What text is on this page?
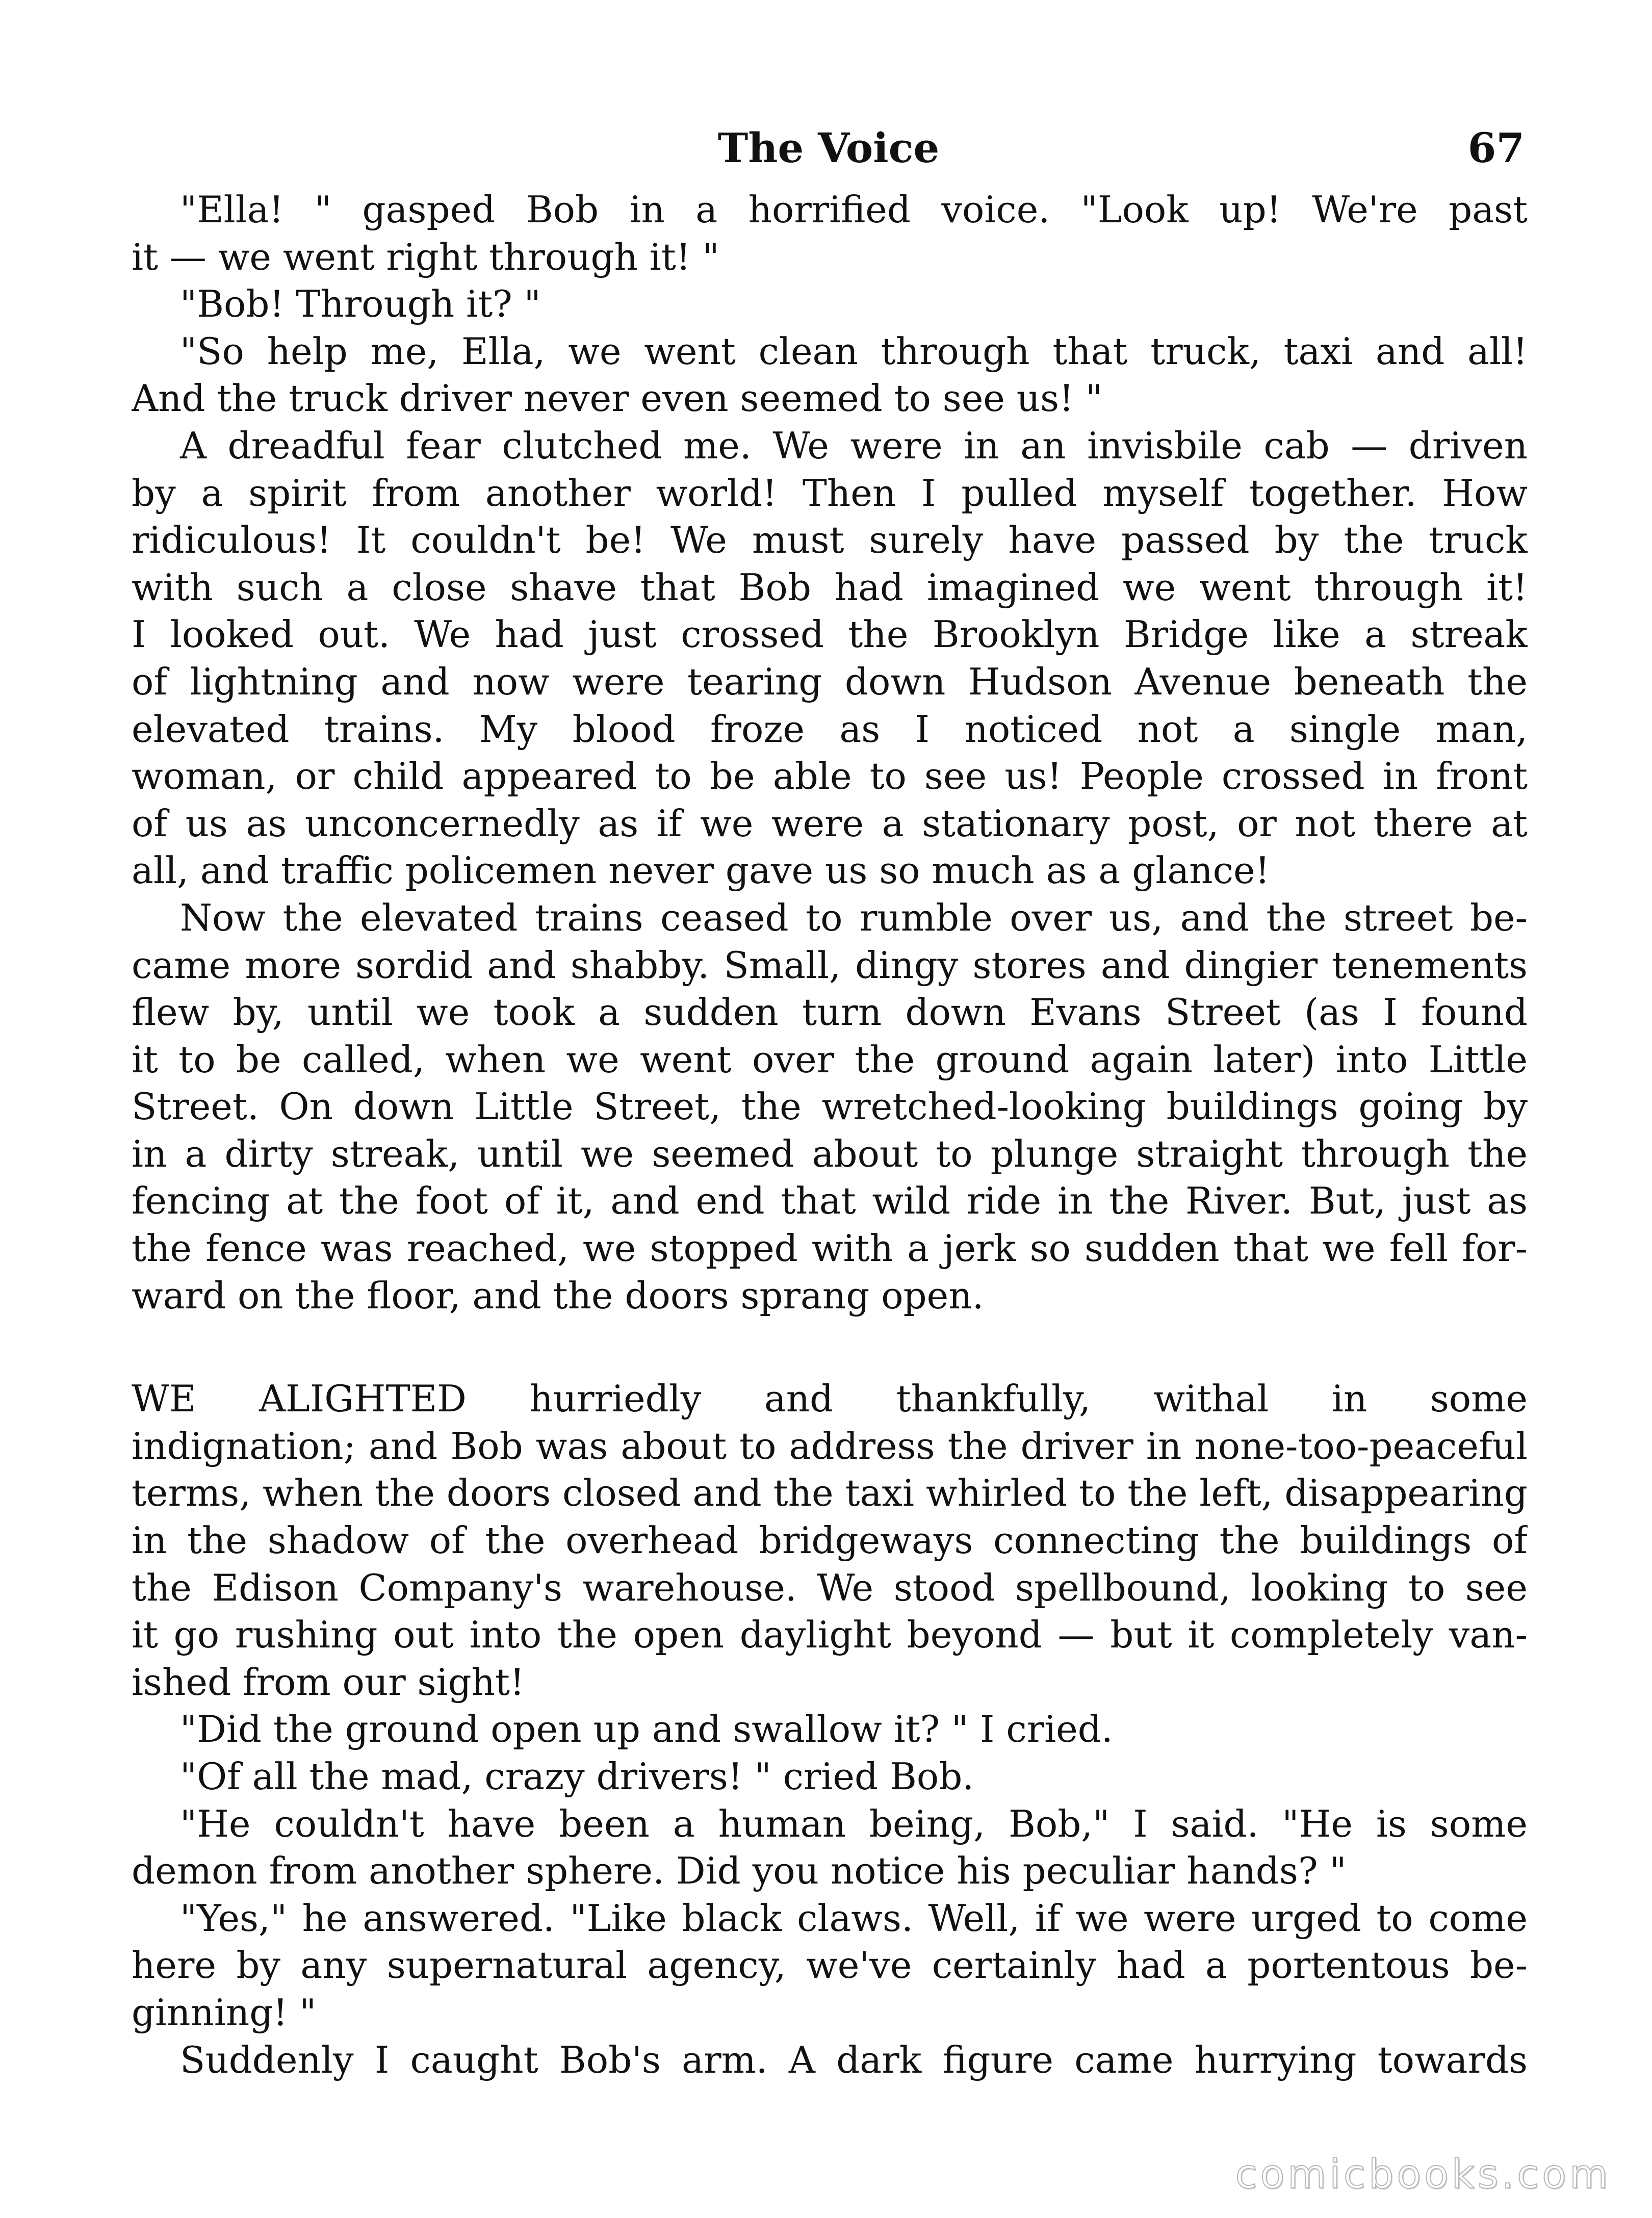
The Voice	67
"Ella! " gasped Bob in a horrified voice. "Look up! We're past
it — we went right through it! "
"Bob! Through it? "
"So help me, Ella, we went clean through that truck, taxi and all!
And the truck driver never even seemed to see us! "
A dreadful fear clutched me. We were in an invisbile cab — driven
by a spirit from another world! Then I pulled myself together. How
ridiculous! It couldn't be! We must surely have passed by the truck
with such a close shave that Bob had imagined we went through it!
I looked out. We had just crossed the Brooklyn Bridge like a streak
of lightning and now were tearing down Hudson Avenue beneath the
elevated trains. My blood froze as I noticed not a single man,
woman, or child appeared to be able to see us! People crossed in front
of us as unconcernedly as if we were a stationary post, or not there at
all, and traffic policemen never gave us so much as a glance!
Now the elevated trains ceased to rumble over us, and the street be-
came more sordid and shabby. Small, dingy stores and dingier tenements
flew by, until we took a sudden turn down Evans Street (as I found
it to be called, when we went over the ground again later) into Little
Street. On down Little Street, the wretched-looking buildings going by
in a dirty streak, until we seemed about to plunge straight through the
fencing at the foot of it, and end that wild ride in the River. But, just as
the fence was reached, we stopped with a jerk so sudden that we fell for-
ward on the floor, and the doors sprang open.
WE ALIGHTED hurriedly and thankfully, withal in some
indignation; and Bob was about to address the driver in none-too-peaceful
terms, when the doors closed and the taxi whirled to the left, disappearing
in the shadow of the overhead bridgeways connecting the buildings of
the Edison Company's warehouse. We stood spellbound, looking to see
it go rushing out into the open daylight beyond — but it completely van-
ished from our sight!
"Did the ground open up and swallow it? " I cried.
"Of all the mad, crazy drivers! " cried Bob.
"He couldn't have been a human being, Bob," I said. "He is some
demon from another sphere. Did you notice his peculiar hands? "
"Yes," he answered. "Like black claws. Well, if we were urged to come
here by any supernatural agency, we've certainly had a portentous be-
ginning! "
Suddenly I caught Bob's arm. A dark figure came hurrying towards
comicbooks.com
